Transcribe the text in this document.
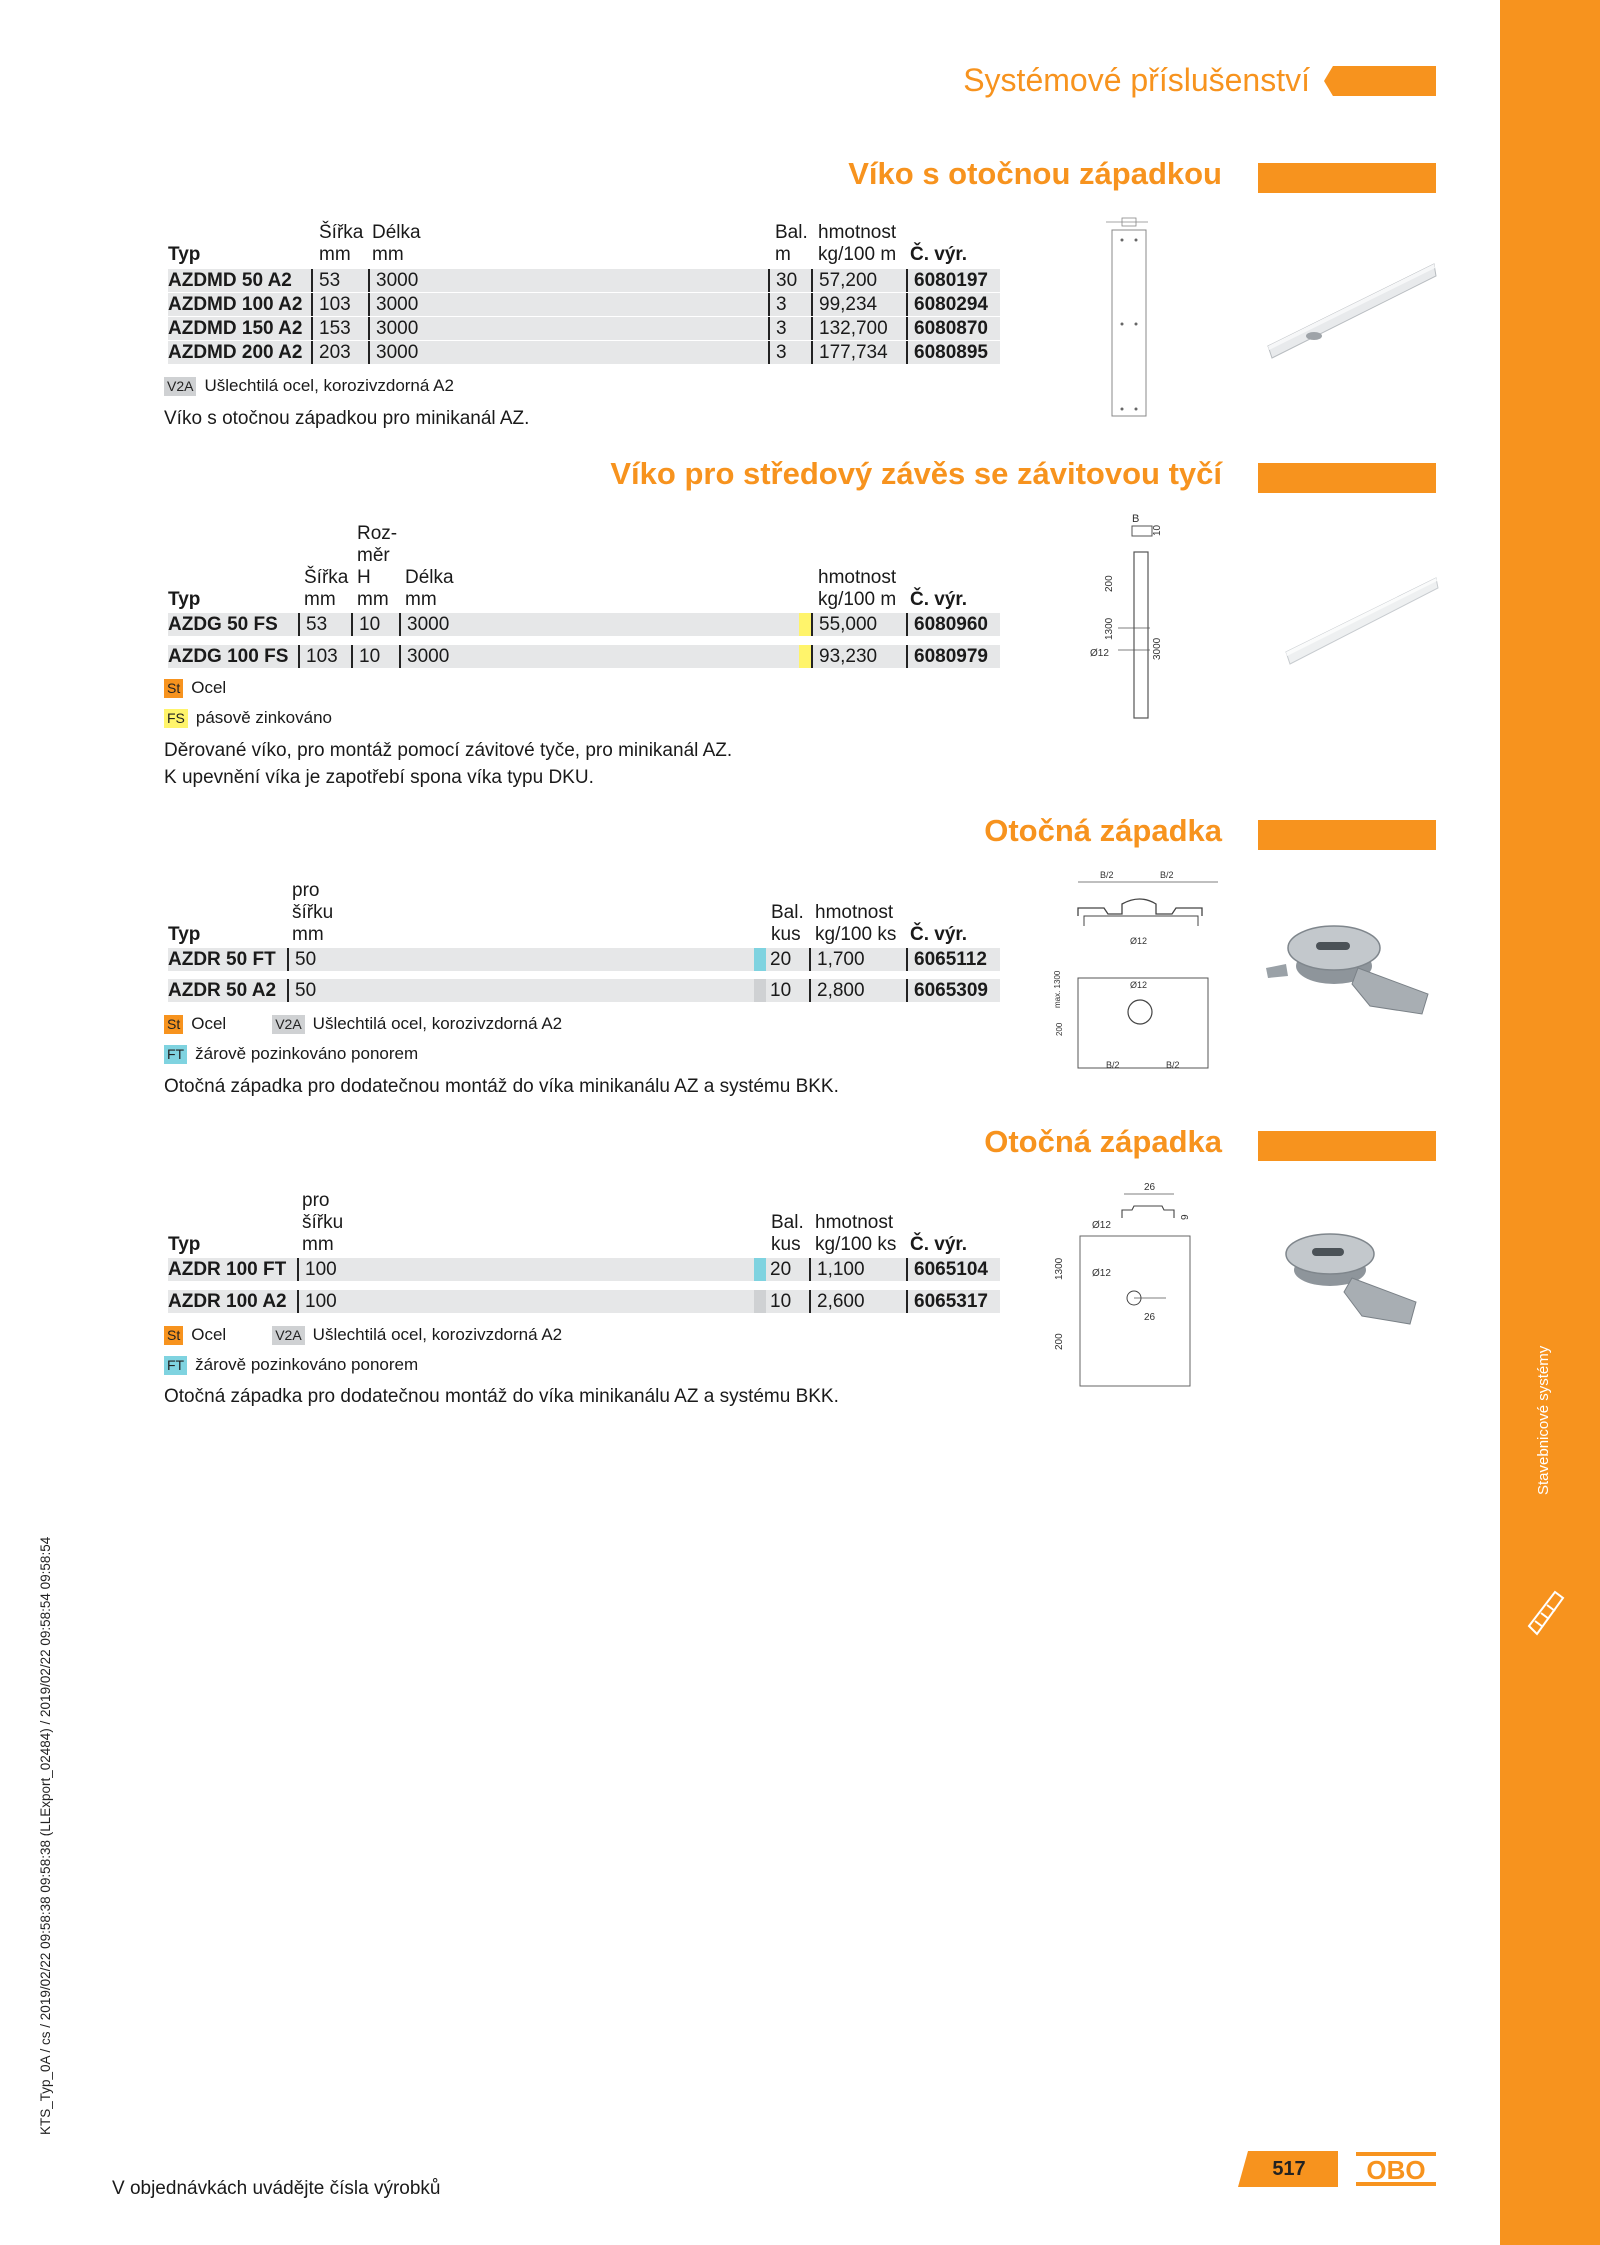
Stavebnicové systémy
KTS_Typ_0A / cs / 2019/02/22 09:58:38 09:58:38 (LLExport_02484) / 2019/02/22 09:58:54 09:58:54
Systémové příslušenství
Víko s otočnou západkou
Typ
Šířka
mm
Délka
mm
Bal.
m
hmotnost
kg/100 m Č. výr.
AZDMD 50 A2	53	3000	30	57,200	6080197
AZDMD 100 A2 103	3000	3	99,234	6080294
AZDMD 150 A2 153	3000	3	132,700	6080870
AZDMD 200 A2 203	3000	3	177,734	6080895
V2A Ušlechtilá ocel, korozivzdorná A2
Víko s otočnou západkou pro minikanál AZ.
Víko pro středový závěs se závitovou tyčí
Roz-
měr
Šířka
mm
H
mm
Délka
mm
hmotnost
kg/100 m
Typ	Č. výr.
AZDG 50 FS	53	10	3000	55,000	6080960
AZDG 100 FS 103	10	3000	93,230	6080979
St Ocel
FS pásově zinkováno
Děrované víko, pro montáž pomocí závitové tyče, pro minikanál AZ.
K upevnění víka je zapotřebí spona víka typu DKU.
B
10
200
1300
3000
Ø12
Otočná západka
pro
šířku
mm
Bal.
kus
hmotnost
kg/100 ks
Typ	Č. výr.
AZDR 50 FT	50	20	1,700	6065112
AZDR 50 A2 50	10	2,800	6065309
St Ocel	V2A Ušlechtilá ocel, korozivzdorná A2
FT žárově pozinkováno ponorem
Otočná západka pro dodatečnou montáž do víka minikanálu AZ a systému BKK.
B/2	B/2
Ø12
Ø12
max. 1300
200
B/2	B/2
Otočná západka
pro
šířku
mm
Bal.
kus
hmotnost
kg/100 ks
Typ	Č. výr.
AZDR 100 FT 100	20	1,100	6065104
AZDR 100 A2 100	10	2,600	6065317
St Ocel	V2A Ušlechtilá ocel, korozivzdorná A2
FT žárově pozinkováno ponorem
Otočná západka pro dodatečnou montáž do víka minikanálu AZ a systému BKK.
26
9
Ø12
Ø12
26
1300
200
V objednávkách uvádějte čísla výrobků
517	OBO
